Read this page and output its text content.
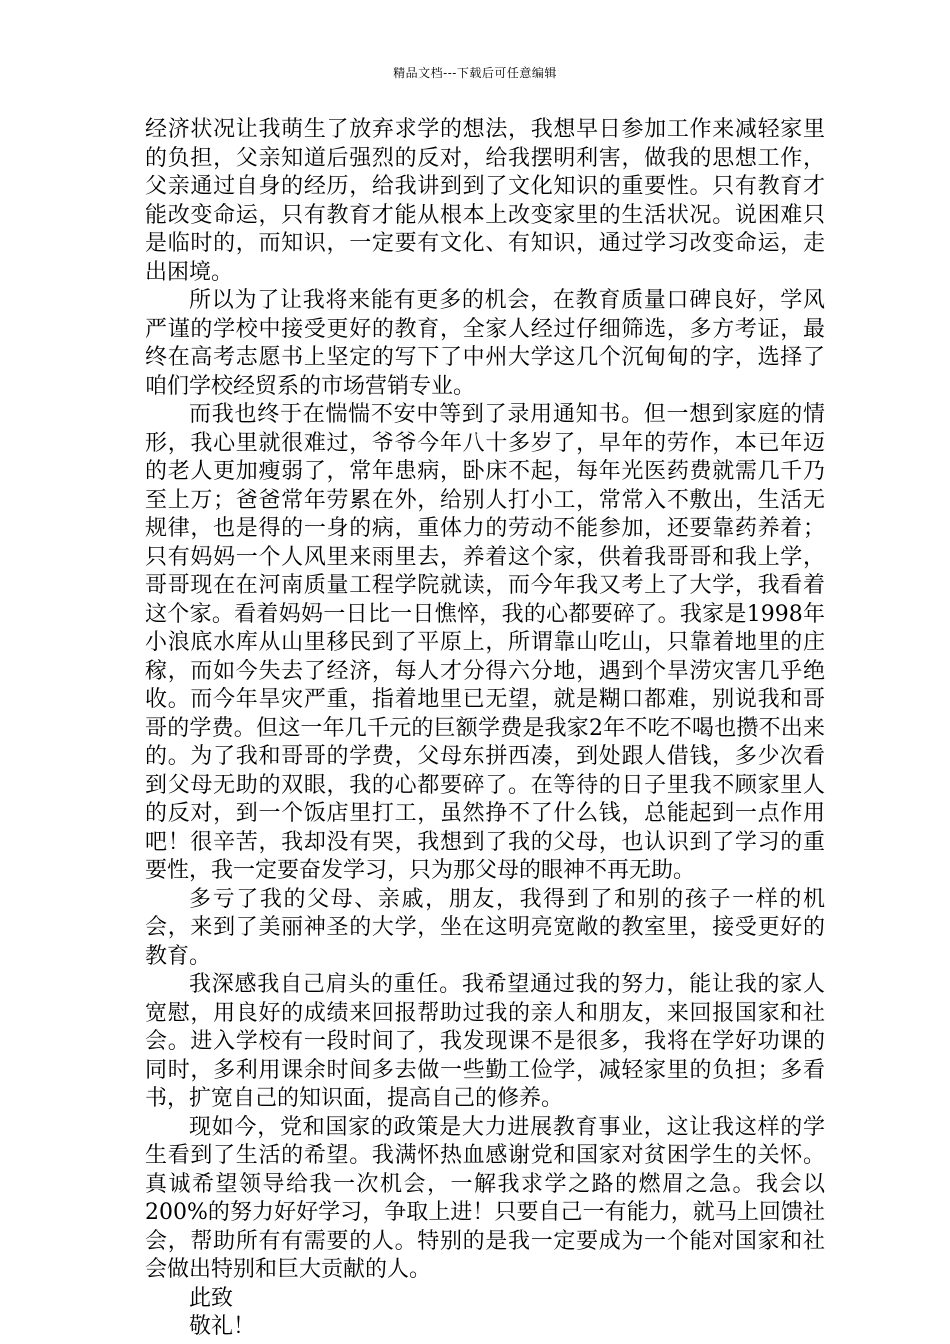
精品文档---下载后可任意编辑

经济状况让我萌生了放弃求学的想法，我想早日参加工作来减轻家里的负担，父亲知道后强烈的反对，给我摆明利害，做我的思想工作，父亲通过自身的经历，给我讲到到了文化知识的重要性。只有教育才能改变命运，只有教育才能从根本上改变家里的生活状况。说困难只是临时的，而知识，一定要有文化、有知识，通过学习改变命运，走出困境。

所以为了让我将来能有更多的机会，在教育质量口碑良好，学风严谨的学校中接受更好的教育，全家人经过仔细筛选，多方考证，最终在高考志愿书上坚定的写下了中州大学这几个沉甸甸的字，选择了咱们学校经贸系的市场营销专业。

而我也终于在惴惴不安中等到了录用通知书。但一想到家庭的情形，我心里就很难过，爷爷今年八十多岁了，早年的劳作，本已年迈的老人更加瘦弱了，常年患病，卧床不起，每年光医药费就需几千乃至上万；爸爸常年劳累在外，给别人打小工，常常入不敷出，生活无规律，也是得的一身的病，重体力的劳动不能参加，还要靠药养着；只有妈妈一个人风里来雨里去，养着这个家，供着我哥哥和我上学，哥哥现在在河南质量工程学院就读，而今年我又考上了大学，我看着这个家。看着妈妈一日比一日憔悴，我的心都要碎了。我家是1998年小浪底水库从山里移民到了平原上，所谓靠山吃山，只靠着地里的庄稼，而如今失去了经济，每人才分得六分地，遇到个旱涝灾害几乎绝收。而今年旱灾严重，指着地里已无望，就是糊口都难，别说我和哥哥的学费。但这一年几千元的巨额学费是我家2年不吃不喝也攒不出来的。为了我和哥哥的学费，父母东拼西凑，到处跟人借钱，多少次看到父母无助的双眼，我的心都要碎了。在等待的日子里我不顾家里人的反对，到一个饭店里打工，虽然挣不了什么钱，总能起到一点作用吧！很辛苦，我却没有哭，我想到了我的父母，也认识到了学习的重要性，我一定要奋发学习，只为那父母的眼神不再无助。

多亏了我的父母、亲戚，朋友，我得到了和别的孩子一样的机会，来到了美丽神圣的大学，坐在这明亮宽敞的教室里，接受更好的教育。

我深感我自己肩头的重任。我希望通过我的努力，能让我的家人宽慰，用良好的成绩来回报帮助过我的亲人和朋友，来回报国家和社会。进入学校有一段时间了，我发现课不是很多，我将在学好功课的同时，多利用课余时间多去做一些勤工俭学，减轻家里的负担；多看书，扩宽自己的知识面，提高自己的修养。

现如今，党和国家的政策是大力进展教育事业，这让我这样的学生看到了生活的希望。我满怀热血感谢党和国家对贫困学生的关怀。真诚希望领导给我一次机会，一解我求学之路的燃眉之急。我会以200%的努力好好学习，争取上进！只要自己一有能力，就马上回馈社会，帮助所有有需要的人。特别的是我一定要成为一个能对国家和社会做出特别和巨大贡献的人。

此致

敬礼！
